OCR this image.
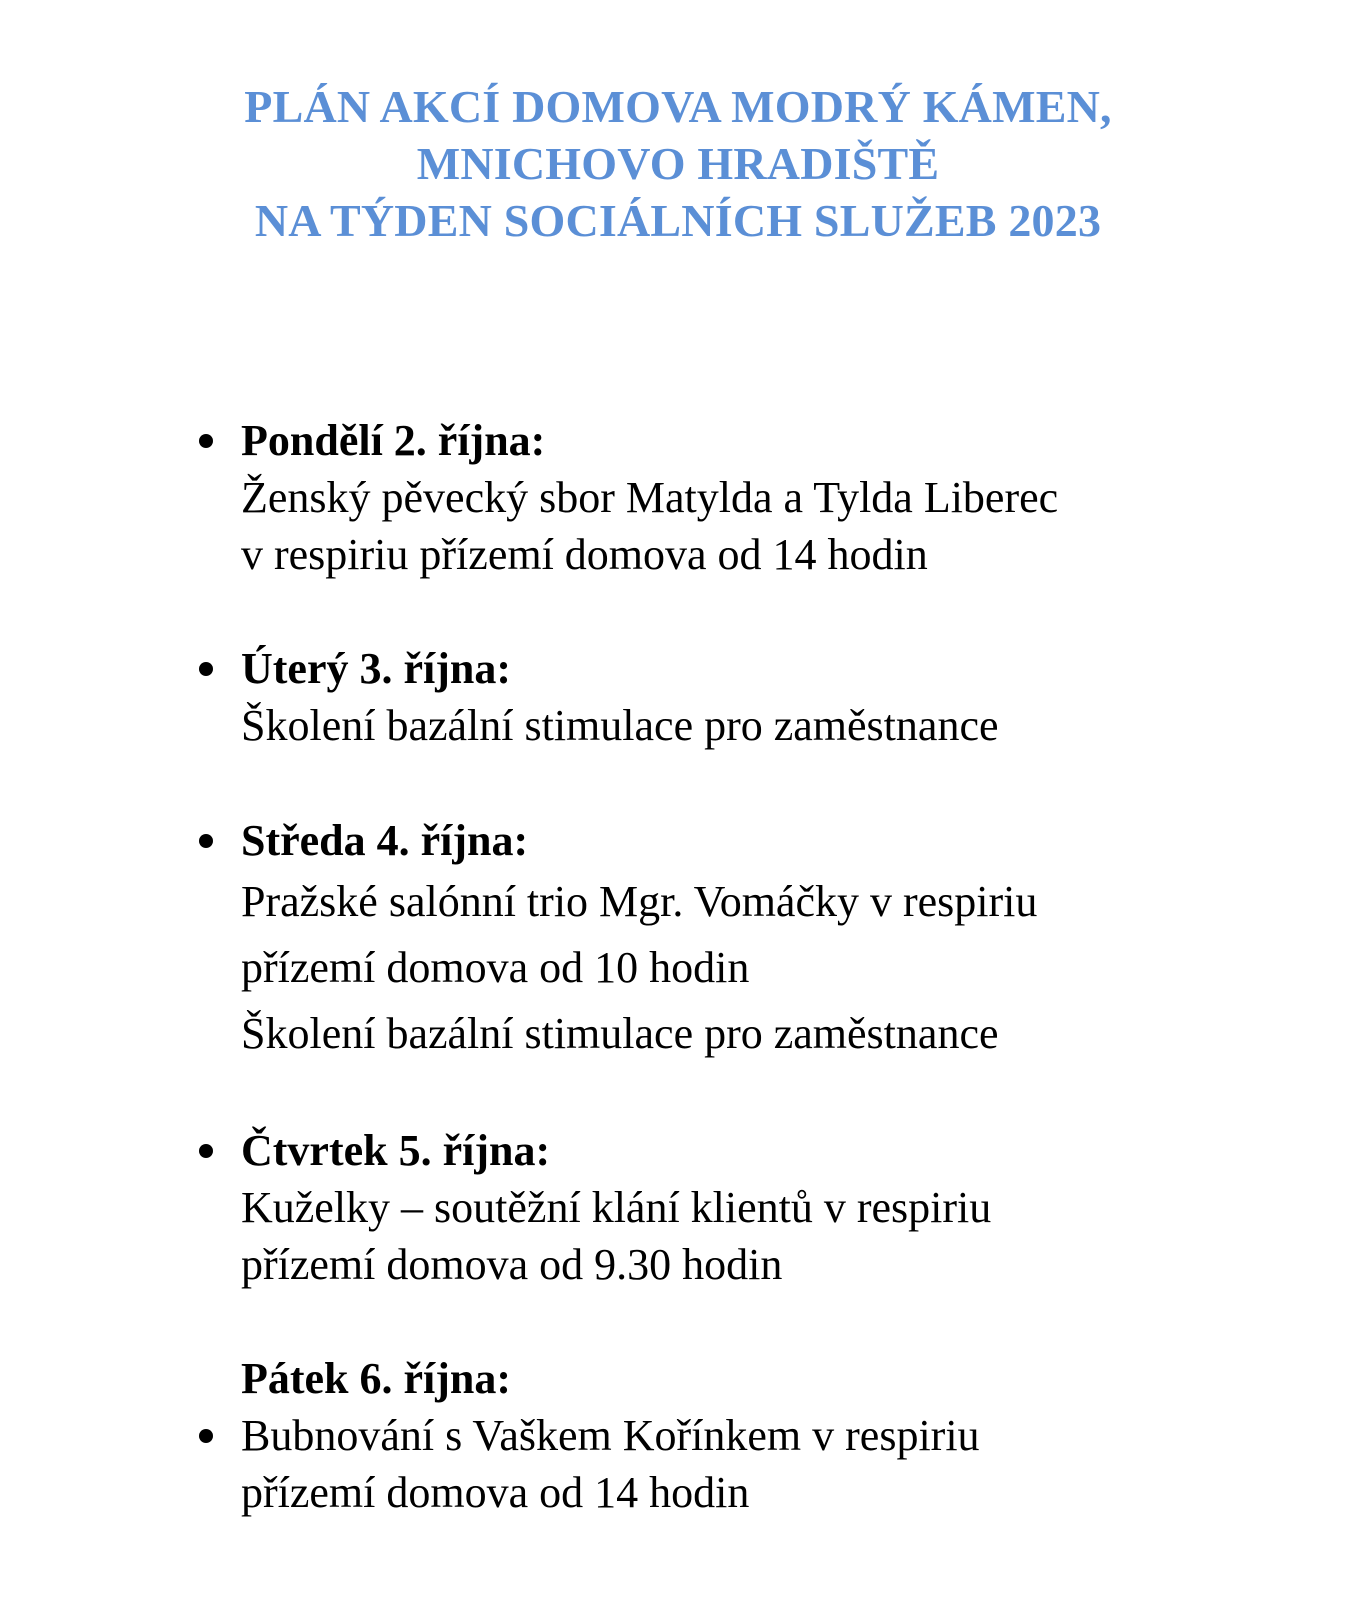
PLÁN AKCÍ DOMOVA MODRÝ KÁMEN,
MNICHOVO HRADIŠTĚ
NA TÝDEN SOCIÁLNÍCH SLUŽEB 2023
Pondělí 2. října:
Ženský pěvecký sbor Matylda a Tylda Liberec
v respiriu přízemí domova od 14 hodin
Úterý 3. října:
Školení bazální stimulace pro zaměstnance
Středa 4. října:
Pražské salónní trio Mgr. Vomáčky v respiriu
přízemí domova od 10 hodin
Školení bazální stimulace pro zaměstnance
Čtvrtek 5. října:
Kuželky – soutěžní klání klientů v respiriu
přízemí domova od 9.30 hodin
Pátek 6. října:
Bubnování s Vaškem Kořínkem v respiriu
přízemí domova od 14 hodin
